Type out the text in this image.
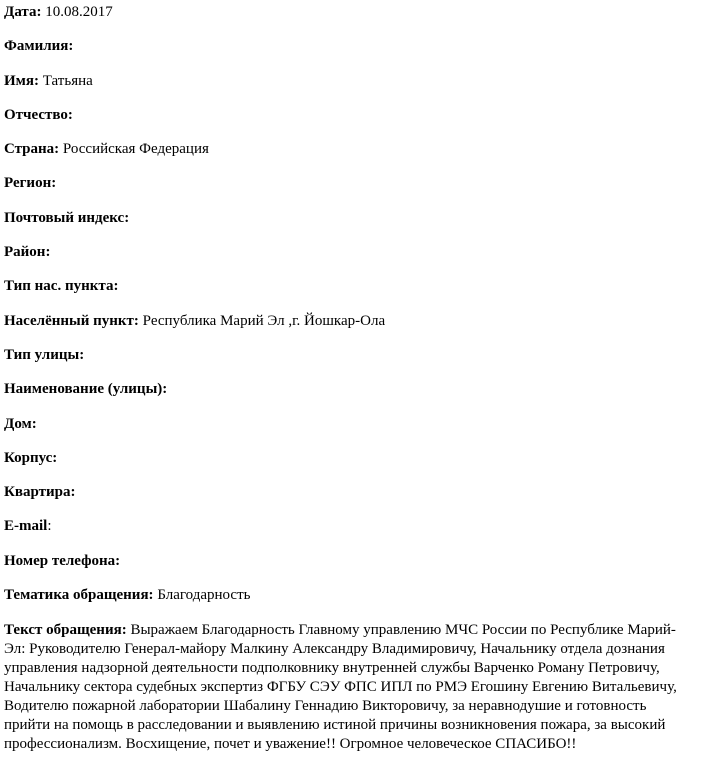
Дата: 10.08.2017
Фамилия:
Имя: Татьяна
Отчество:
Страна: Российская Федерация
Регион:
Почтовый индекс:
Район:
Тип нас. пункта:
Населённый пункт: Республика Марий Эл ,г. Йошкар-Ола
Тип улицы:
Наименование (улицы):
Дом:
Корпус:
Квартира:
E-mail:
Номер телефона:
Тематика обращения: Благодарность
Текст обращения: Выражаем Благодарность Главному управлению МЧС России по Республике Марий-Эл: Руководителю Генерал-майору Малкину Александру Владимировичу, Начальнику отдела дознания управления надзорной деятельности подполковнику внутренней службы Варченко Роману Петровичу, Начальнику сектора судебных экспертиз ФГБУ СЭУ ФПС ИПЛ по РМЭ Егошину Евгению Витальевичу, Водителю пожарной лаборатории Шабалину Геннадию Викторовичу, за неравнодушие и готовность прийти на помощь в расследовании и выявлению истиной причины возникновения пожара, за высокий профессионализм. Восхищение, почет и уважение!! Огромное человеческое СПАСИБО!!
